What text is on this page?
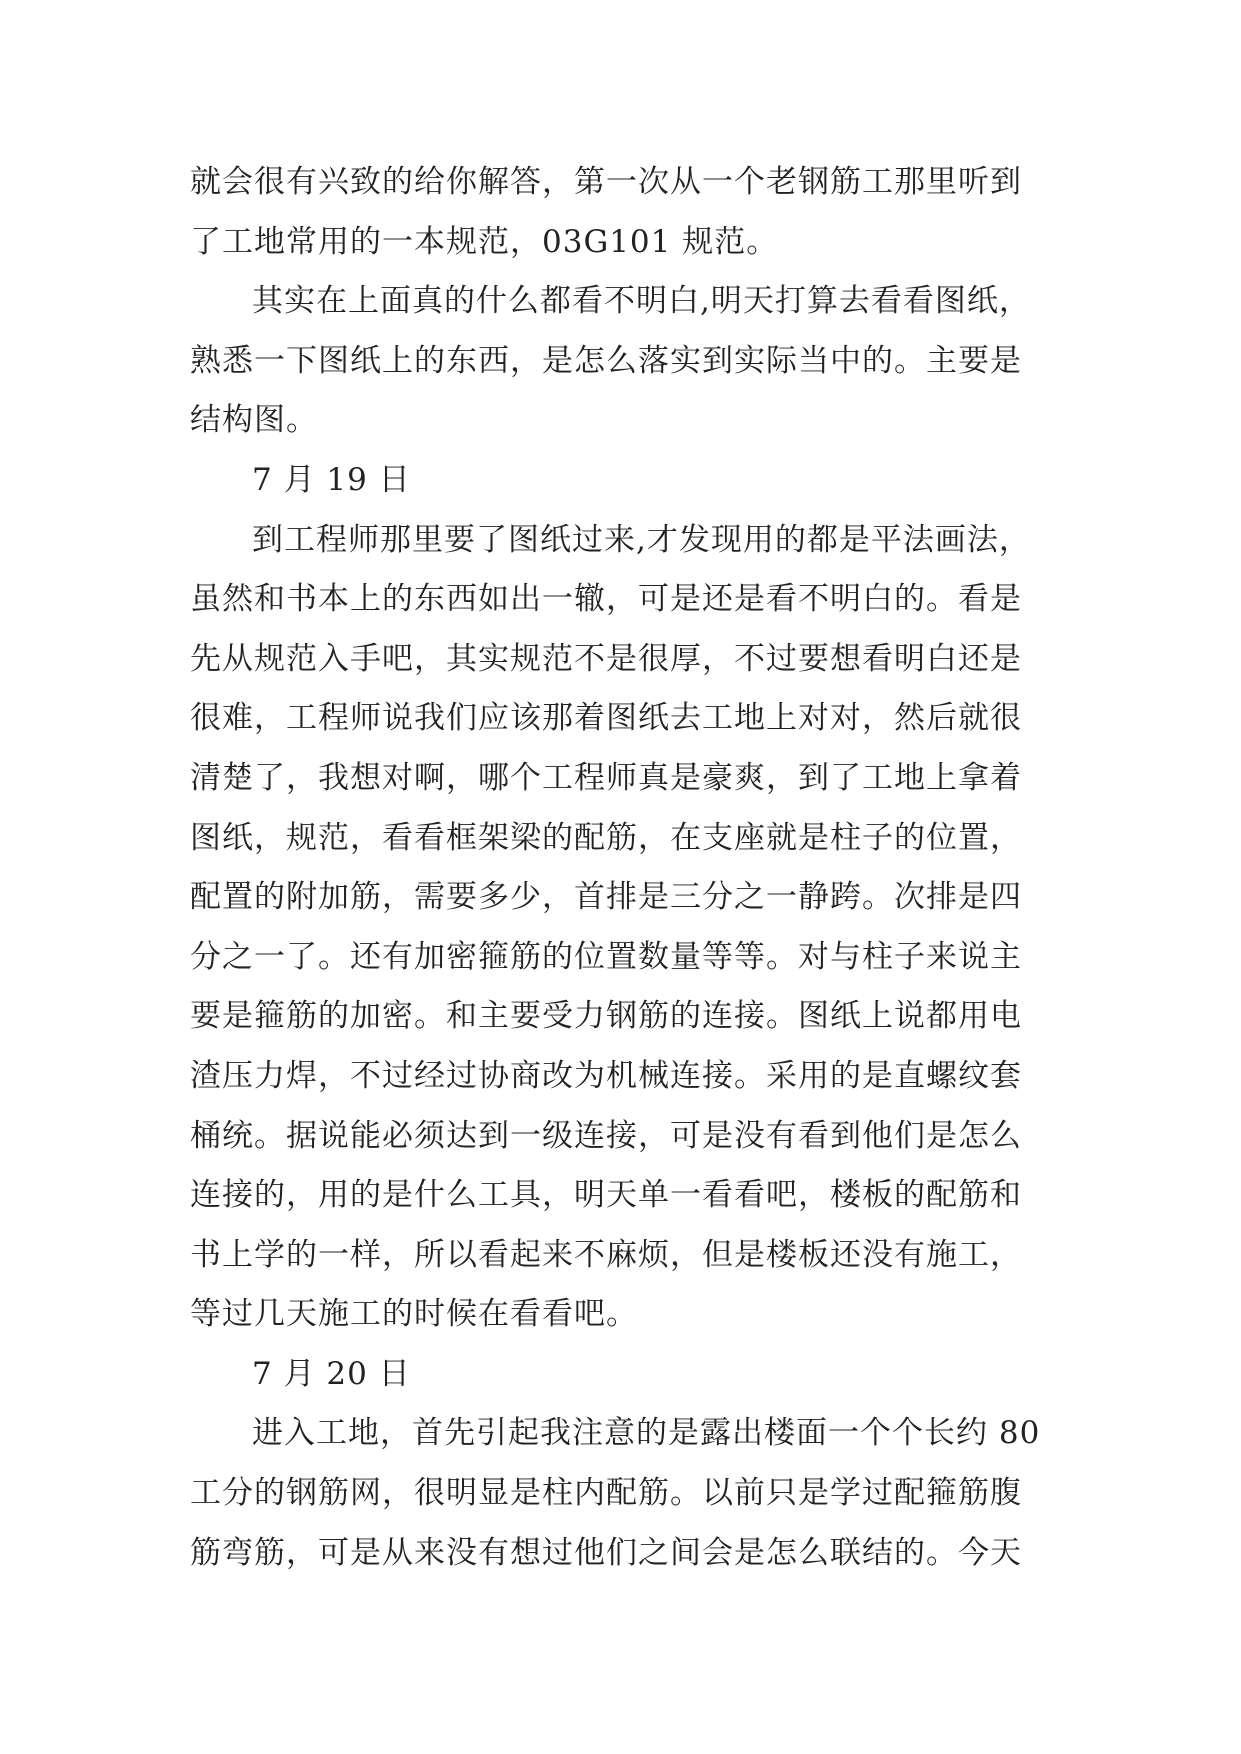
就会很有兴致的给你解答，第一次从一个老钢筋工那里听到
了工地常用的一本规范，03G101 规范。
其实在上面真的什么都看不明白,明天打算去看看图纸，
熟悉一下图纸上的东西，是怎么落实到实际当中的。主要是
结构图。
7 月 19 日
到工程师那里要了图纸过来,才发现用的都是平法画法，
虽然和书本上的东西如出一辙，可是还是看不明白的。看是
先从规范入手吧，其实规范不是很厚，不过要想看明白还是
很难，工程师说我们应该那着图纸去工地上对对，然后就很
清楚了，我想对啊，哪个工程师真是豪爽，到了工地上拿着
图纸，规范，看看框架梁的配筋，在支座就是柱子的位置，
配置的附加筋，需要多少，首排是三分之一静跨。次排是四
分之一了。还有加密箍筋的位置数量等等。对与柱子来说主
要是箍筋的加密。和主要受力钢筋的连接。图纸上说都用电
渣压力焊，不过经过协商改为机械连接。采用的是直螺纹套
桶统。据说能必须达到一级连接，可是没有看到他们是怎么
连接的，用的是什么工具，明天单一看看吧，楼板的配筋和
书上学的一样，所以看起来不麻烦，但是楼板还没有施工，
等过几天施工的时候在看看吧。
7 月 20 日
进入工地，首先引起我注意的是露出楼面一个个长约 80
工分的钢筋网，很明显是柱内配筋。以前只是学过配箍筋腹
筋弯筋，可是从来没有想过他们之间会是怎么联结的。今天
